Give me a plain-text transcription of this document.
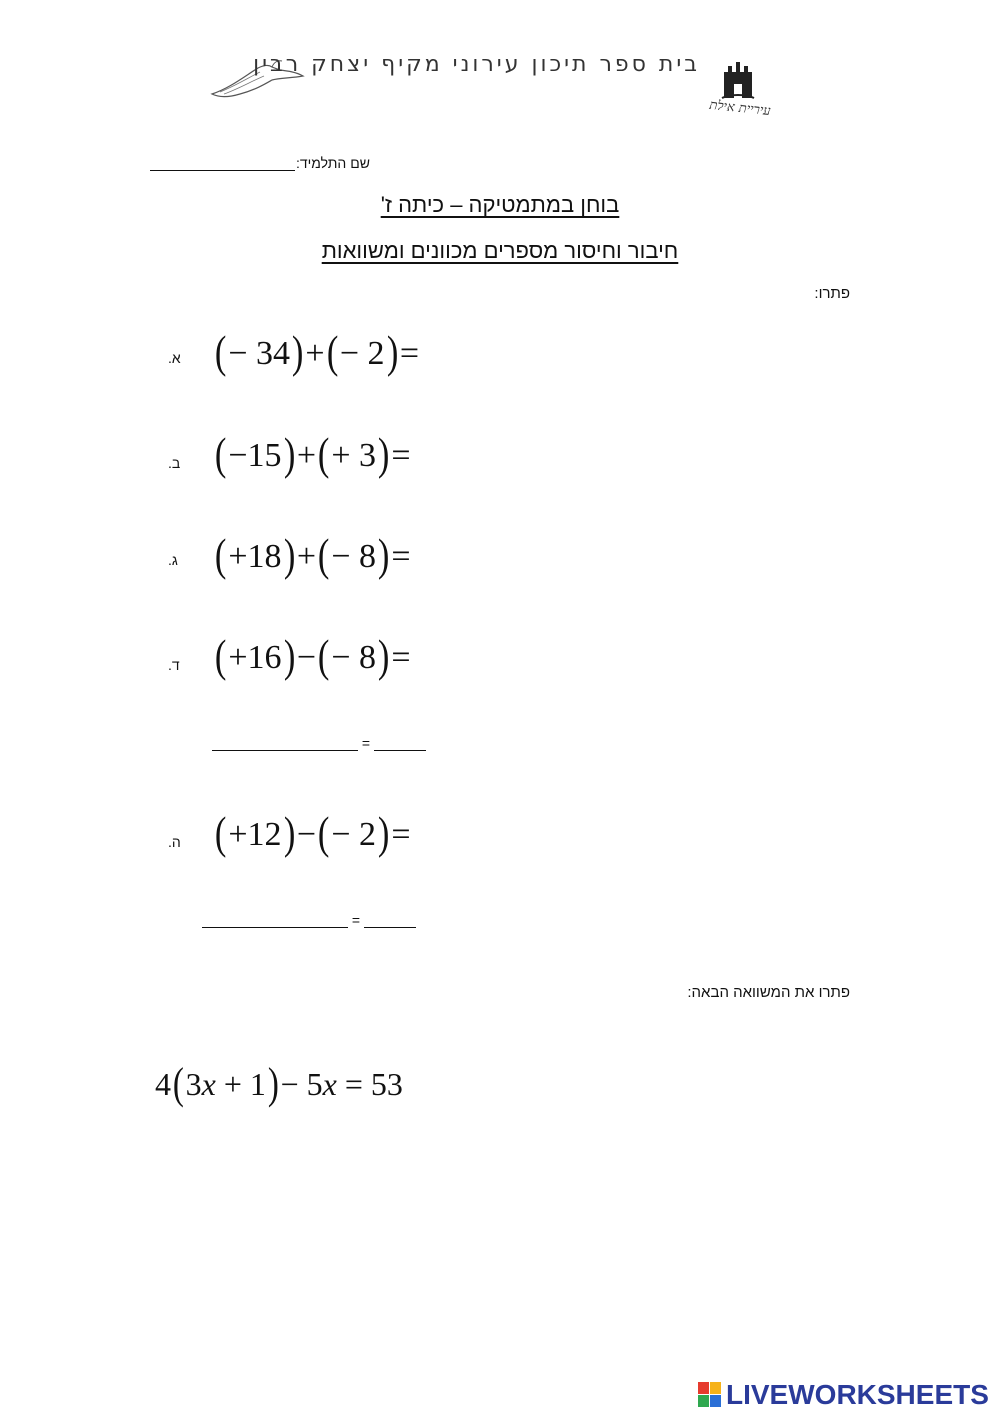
בית ספר תיכון עירוני מקיף יצחק רבין
עיריית אילת
שם התלמיד:
בוחן במתמטיקה – כיתה ז'
חיבור וחיסור מספרים מכוונים ומשוואות
פתרו:
א. (− 34)+(− 2)=
ב. (−15)+(+ 3)=
ג. (+18)+(− 8)=
ד. (+16)−(− 8)=
=
ה. (+12)−(− 2)=
=
פתרו את המשוואה הבאה:
4(3x + 1)− 5x = 53
LIVEWORKSHEETS
